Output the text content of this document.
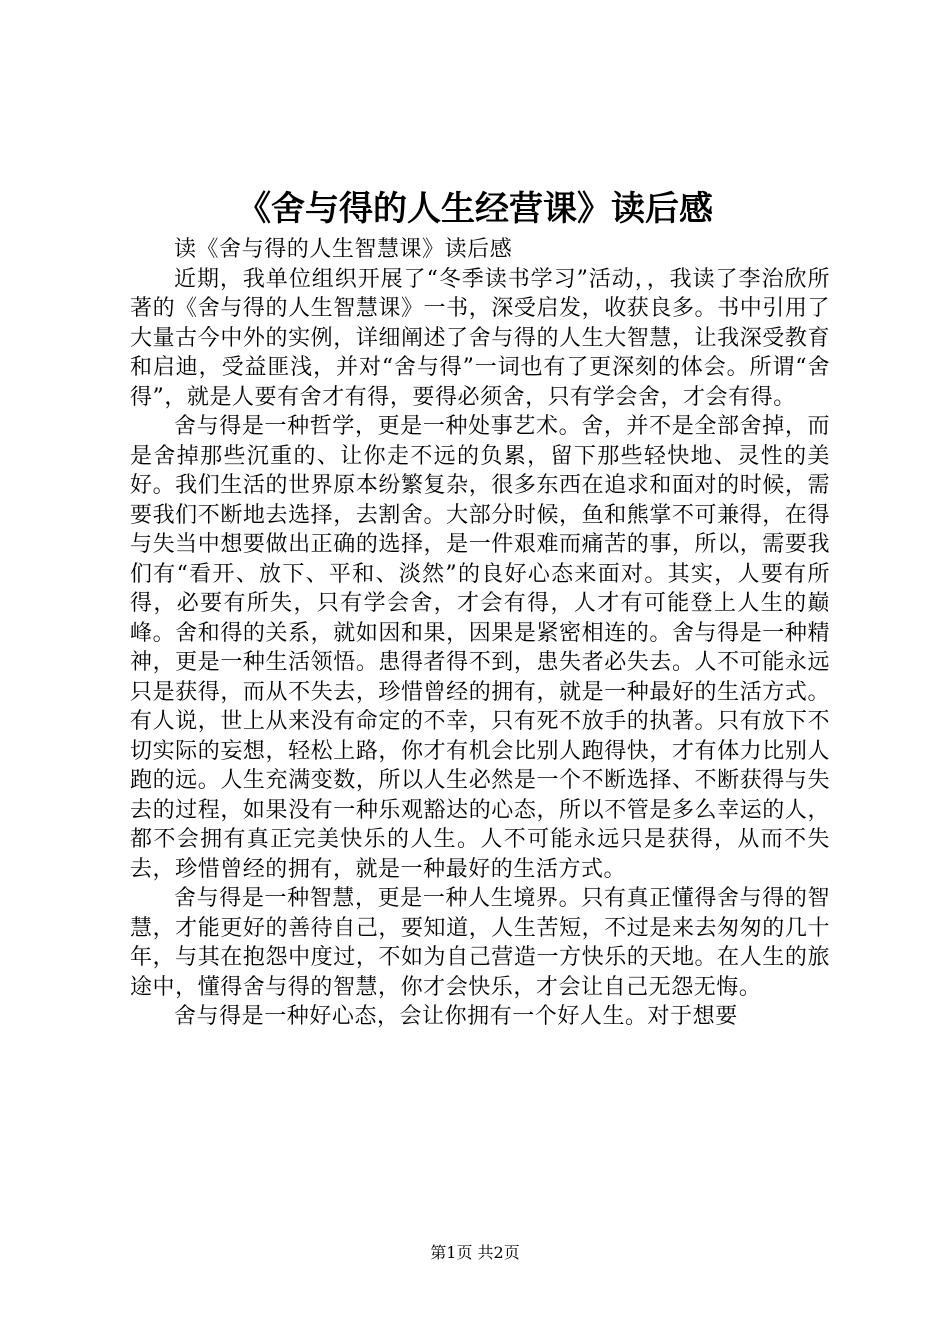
《舍与得的人生经营课》读后感

读《舍与得的人生智慧课》读后感

近期，我单位组织开展了“冬季读书学习”活动，，我读了李治欣所著的《舍与得的人生智慧课》一书，深受启发，收获良多。书中引用了大量古今中外的实例，详细阐述了舍与得的人生大智慧，让我深受教育和启迪，受益匪浅，并对“舍与得”一词也有了更深刻的体会。所谓“舍得”，就是人要有舍才有得，要得必须舍，只有学会舍，才会有得。

舍与得是一种哲学，更是一种处事艺术。舍，并不是全部舍掉，而是舍掉那些沉重的、让你走不远的负累，留下那些轻快地、灵性的美好。我们生活的世界原本纷繁复杂，很多东西在追求和面对的时候，需要我们不断地去选择，去割舍。大部分时候，鱼和熊掌不可兼得，在得与失当中想要做出正确的选择，是一件艰难而痛苦的事，所以，需要我们有“看开、放下、平和、淡然”的良好心态来面对。其实，人要有所得，必要有所失，只有学会舍，才会有得，人才有可能登上人生的巅峰。舍和得的关系，就如因和果，因果是紧密相连的。舍与得是一种精神，更是一种生活领悟。患得者得不到，患失者必失去。人不可能永远只是获得，而从不失去，珍惜曾经的拥有，就是一种最好的生活方式。有人说，世上从来没有命定的不幸，只有死不放手的执著。只有放下不切实际的妄想，轻松上路，你才有机会比别人跑得快，才有体力比别人跑的远。人生充满变数，所以人生必然是一个不断选择、不断获得与失去的过程，如果没有一种乐观豁达的心态，所以不管是多么幸运的人，都不会拥有真正完美快乐的人生。人不可能永远只是获得，从而不失去，珍惜曾经的拥有，就是一种最好的生活方式。

舍与得是一种智慧，更是一种人生境界。只有真正懂得舍与得的智慧，才能更好的善待自己，要知道，人生苦短，不过是来去匆匆的几十年，与其在抱怨中度过，不如为自己营造一方快乐的天地。在人生的旅途中，懂得舍与得的智慧，你才会快乐，才会让自己无怨无悔。

舍与得是一种好心态，会让你拥有一个好人生。对于想要

第1页 共2页
